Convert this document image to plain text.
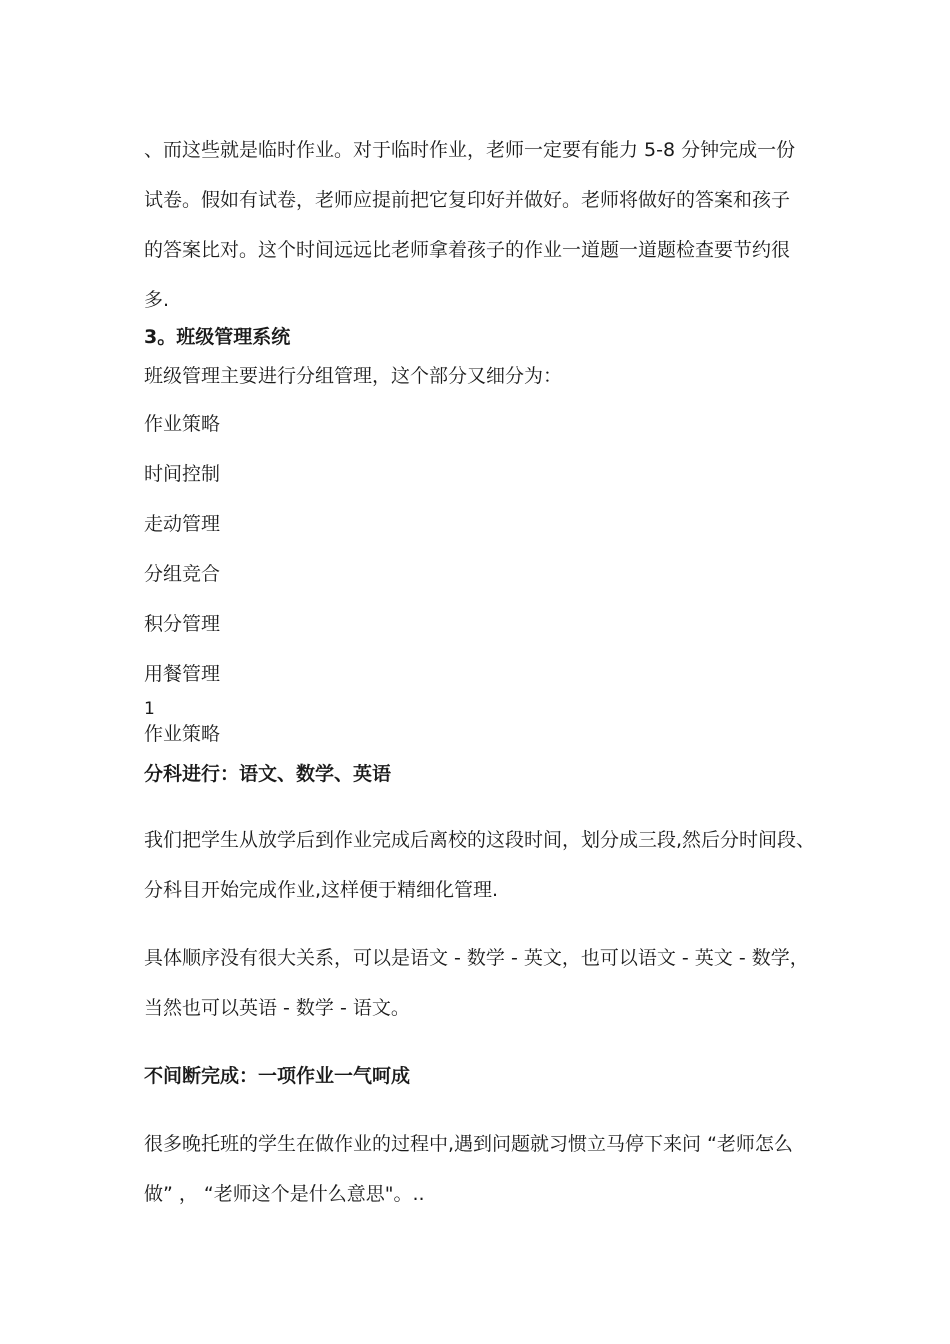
、而这些就是临时作业。对于临时作业，老师一定要有能力 5-8 分钟完成一份
试卷。假如有试卷，老师应提前把它复印好并做好。老师将做好的答案和孩子
的答案比对。这个时间远远比老师拿着孩子的作业一道题一道题检查要节约很
多.
3。班级管理系统
班级管理主要进行分组管理，这个部分又细分为：
作业策略
时间控制
走动管理
分组竞合
积分管理
用餐管理
1
作业策略
分科进行：语文、数学、英语
我们把学生从放学后到作业完成后离校的这段时间，划分成三段,然后分时间段、
分科目开始完成作业,这样便于精细化管理.
具体顺序没有很大关系，可以是语文 - 数学 - 英文，也可以语文 - 英文 - 数学，
当然也可以英语 - 数学 - 语文。
不间断完成：一项作业一气呵成
很多晚托班的学生在做作业的过程中,遇到问题就习惯立马停下来问 “老师怎么
做” ， “老师这个是什么意思"。..
